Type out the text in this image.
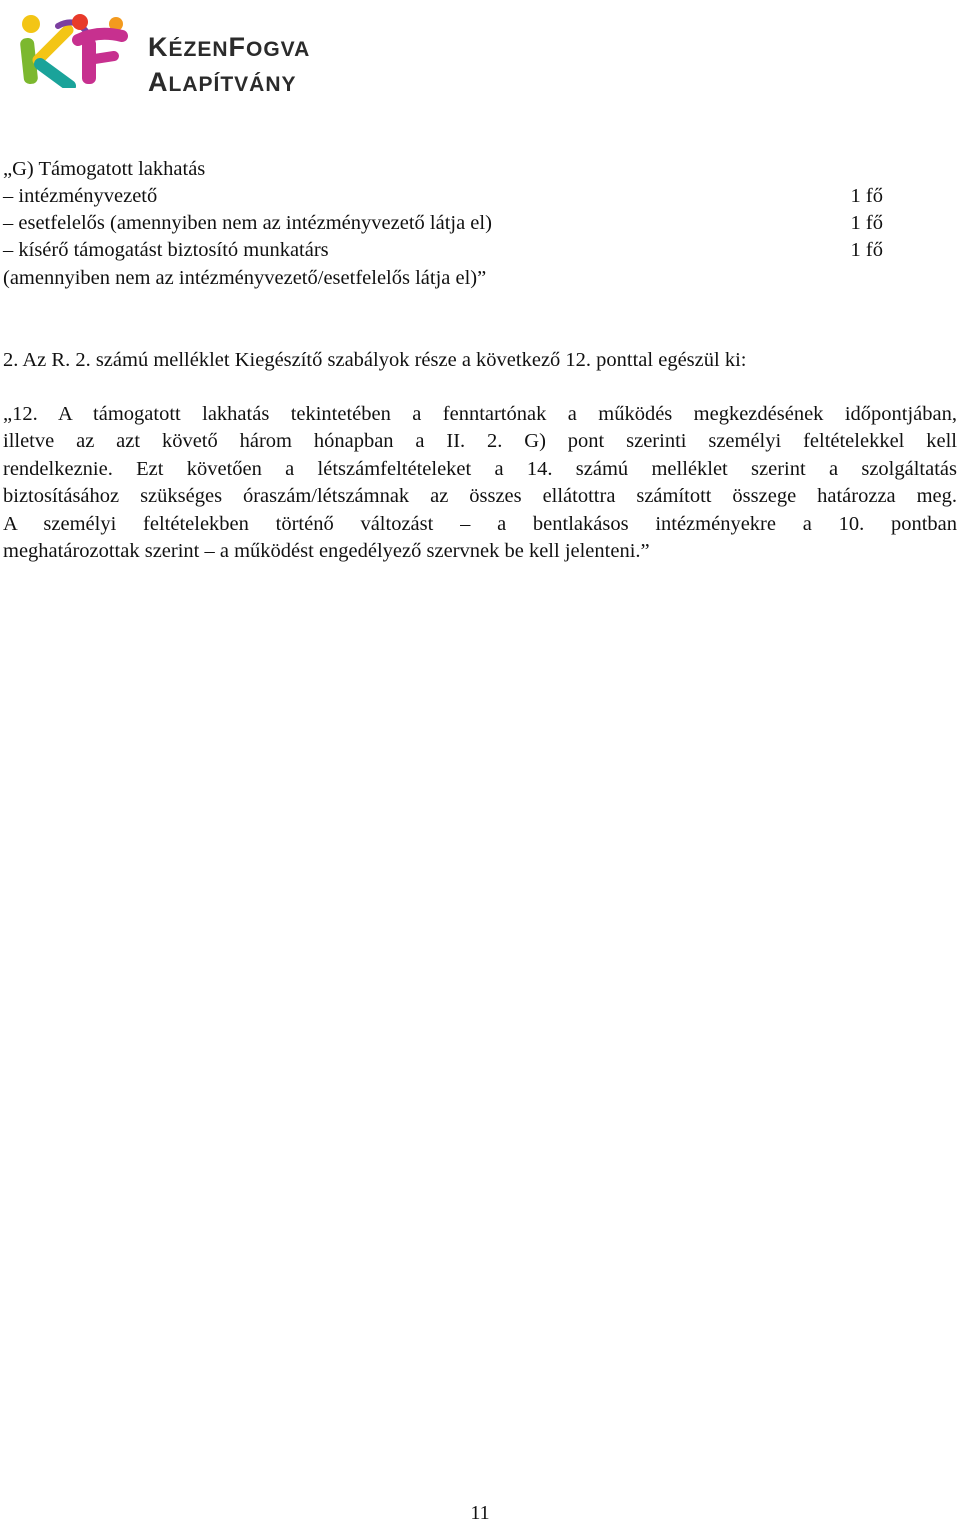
KÉZENFOGVA
ALAPÍTVÁNY
„G) Támogatott lakhatás
– intézményvezető	1 fő
– esetfelelős (amennyiben nem az intézményvezető látja el)	1 fő
– kísérő támogatást biztosító munkatárs	1 fő
(amennyiben nem az intézményvezető/esetfelelős látja el)”
2. Az R. 2. számú melléklet Kiegészítő szabályok része a következő 12. ponttal egészül ki:
„12. A támogatott lakhatás tekintetében a fenntartónak a működés megkezdésének időpontjában,
illetve az azt követő három hónapban a II. 2. G) pont szerinti személyi feltételekkel kell
rendelkeznie. Ezt követően a létszámfeltételeket a 14. számú melléklet szerint a szolgáltatás
biztosításához szükséges óraszám/létszámnak az összes ellátottra számított összege határozza meg.
A személyi feltételekben történő változást – a bentlakásos intézményekre a 10. pontban
meghatározottak szerint – a működést engedélyező szervnek be kell jelenteni.”
11
